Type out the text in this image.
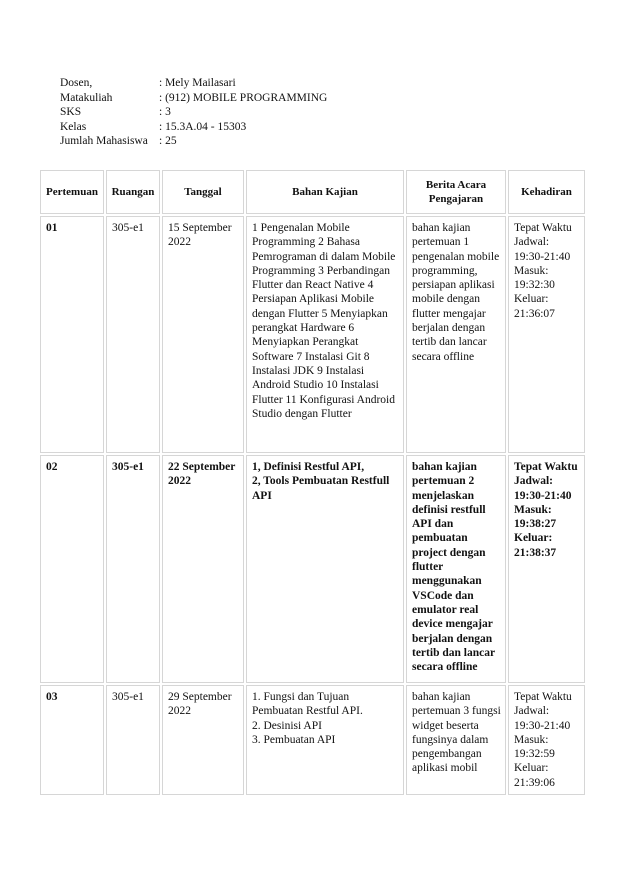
Dosen,	: Mely Mailasari
Matakuliah	: (912) MOBILE PROGRAMMING
SKS	: 3
Kelas	: 15.3A.04 - 15303
Jumlah Mahasiswa : 25
Pertemuan	Ruangan	Tanggal	Bahan Kajian	Berita Acara Pengajaran	Kehadiran
01	305-e1	15 September 2022	1 Pengenalan Mobile Programming 2 Bahasa Pemrograman di dalam Mobile Programming 3 Perbandingan Flutter dan React Native 4 Persiapan Aplikasi Mobile dengan Flutter 5 Menyiapkan perangkat Hardware 6 Menyiapkan Perangkat Software 7 Instalasi Git 8 Instalasi JDK 9 Instalasi Android Studio 10 Instalasi Flutter 11 Konfigurasi Android Studio dengan Flutter	bahan kajian pertemuan 1 pengenalan mobile programming, persiapan aplikasi mobile dengan flutter mengajar berjalan dengan tertib dan lancar secara offline	Tepat Waktu Jadwal: 19:30-21:40 Masuk: 19:32:30 Keluar: 21:36:07
02	305-e1	22 September 2022	1, Definisi Restful API,
2, Tools Pembuatan Restfull API	bahan kajian pertemuan 2 menjelaskan definisi restfull API dan pembuatan project dengan flutter menggunakan VSCode dan emulator real device mengajar berjalan dengan tertib dan lancar secara offline	Tepat Waktu Jadwal: 19:30-21:40 Masuk: 19:38:27 Keluar: 21:38:37
03	305-e1	29 September 2022	1. Fungsi dan Tujuan Pembuatan Restful API.
2. Desinisi API
3. Pembuatan API	bahan kajian pertemuan 3 fungsi widget beserta fungsinya dalam pengembangan aplikasi mobil	Tepat Waktu Jadwal: 19:30-21:40 Masuk: 19:32:59 Keluar: 21:39:06
